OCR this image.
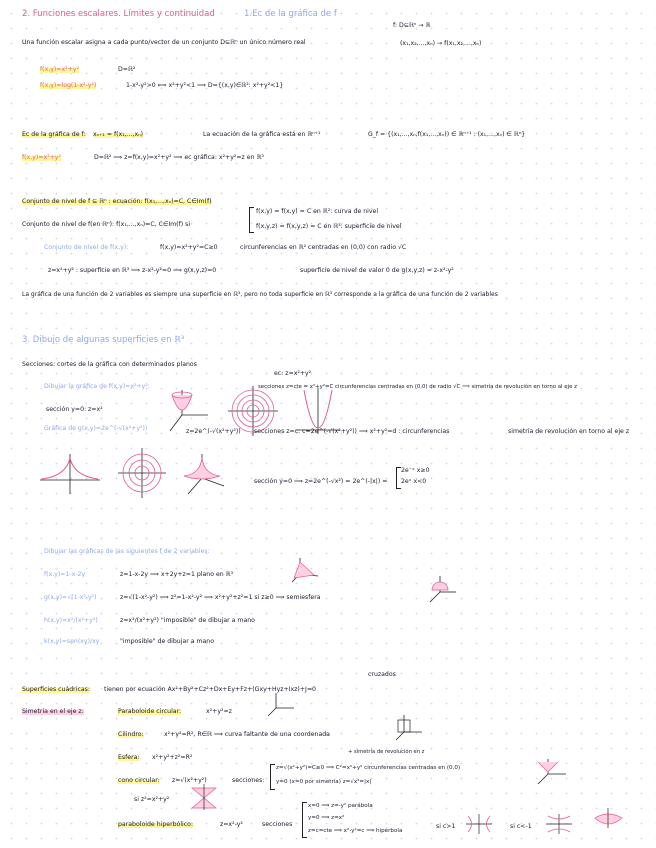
2. Funciones escalares. Límites y continuidad	1.Ec de la gráfica de f
f: D⊆ℝⁿ → ℝ
(x₁,x₂,...,xₙ) → f(x₁,x₂,...,xₙ)
Una función escalar asigna a cada punto/vector de un conjunto D⊆ℝⁿ un único número real
f(x,y)=x²+y²	D=ℝ²
f(x,y)=log(1-x²-y²)	1-x²-y²>0 ⟺ x²+y²<1 ⟹ D={(x,y)∈ℝ²: x²+y²<1}
Ec de la gráfica de f: xₙ₊₁ = f(x₁,...,xₙ)	La ecuación de la gráfica está en ℝⁿ⁺¹	G_f = {(x₁,...,xₙ,f(x₁,...,xₙ)) ∈ ℝⁿ⁺¹ : (x₁,...,xₙ) ∈ ℝⁿ}
f(x,y)=x²+y²	D=ℝ² ⟹ z=f(x,y)=x²+y² ⟹ ec gráfica: x²+y²=z en ℝ³
Conjunto de nivel de f ⊆ ℝⁿ : ecuación: f(x₁,...,xₙ)=C, C∈Im(f)
Conjunto de nivel de f(en ℝⁿ): f(x₁,...,xₙ)=C, C∈Im(f) si
f(x,y) = f(x,y) = C en ℝ²: curva de nivel
f(x,y,z) = f(x,y,z) = C en ℝ³: superficie de nivel
Conjunto de nivel de f(x,y):	f(x,y)=x²+y²=C≥0	circunferencias en ℝ² centradas en (0,0) con radio √C
z=x²+y² : superficie en ℝ³ ⟹ z-x²-y²=0 ⟹ g(x,y,z)=0	superficie de nivel de valor 0 de g(x,y,z) = z-x²-y²
La gráfica de una función de 2 variables es siempre una superficie en ℝ³, pero no toda superficie en ℝ³ corresponde a la gráfica de una función de 2 variables
3. Dibujo de algunas superficies en ℝ³
Secciones: cortes de la gráfica con determinados planos
ec: z=x²+y²
Dibujar la gráfica de f(x,y)=x²+y²:	secciones z=cte = x²+y²=C circunferencias centradas en (0,0) de radio √C ⟹ simetría de revolución en torno al eje z
sección y=0: z=x²
Gráfica de g(x,y)=2e^(-√(x²+y²))	z=2e^(-√(x²+y²)) secciones z=c: c=2e^(-√(x²+y²)) ⟹ x²+y²=d : circunferencias	simetría de revolución en torno al eje z
sección y=0 ⟹ z=2e^(-√x²) = 2e^(-|x|) =
2e⁻ˣ x≥0
2eˣ x<0
Dibujar las gráficas de las siguientes f de 2 variables:
f(x,y)=1-x-2y	z=1-x-2y ⟹ x+2y+z=1 plano en ℝ³
g(x,y)=√(1-x²-y²)	z=√(1-x²-y²) ⟹ z²=1-x²-y² ⟹ x²+y²+z²=1 si z≥0 ⟹ semiesfera
h(x,y)=x²/(x²+y²)	z=x²/(x²+y²) "imposible" de dibujar a mano
k(x,y)=sen(xy)/xy	"imposible" de dibujar a mano
cruzados
Superficies cuádricas: tienen por ecuación Ax²+By²+Cz²+Dx+Ey+Fz+(Gxy+Hyz+Ixz)+J=0
Simetría en el eje z:	Paraboloide circular:	x²+y²=z
Cilindro:	x²+y²=R², R∈ℝ ⟹ curva faltante de una coordenada
Esfera: x²+y²+z²=R²
cono circular: z=√(x²+y²)	secciones:
+ simetría de revolución en z
z=√(x²+y²)=C≥0 ⟹ C²=x²+y² circunferencias centradas en (0,0)
y=0 (x=0 por simetría) z=√x²=|x|
si z²=x²+y²
paraboloide hiperbólico:	z=x²-y²	secciones
x=0 ⟹ z=-y² parábola
y=0 ⟹ z=x²
z=c=cte ⟹ x²-y²=c ⟹ hipérbola
si c>1	si c<-1
